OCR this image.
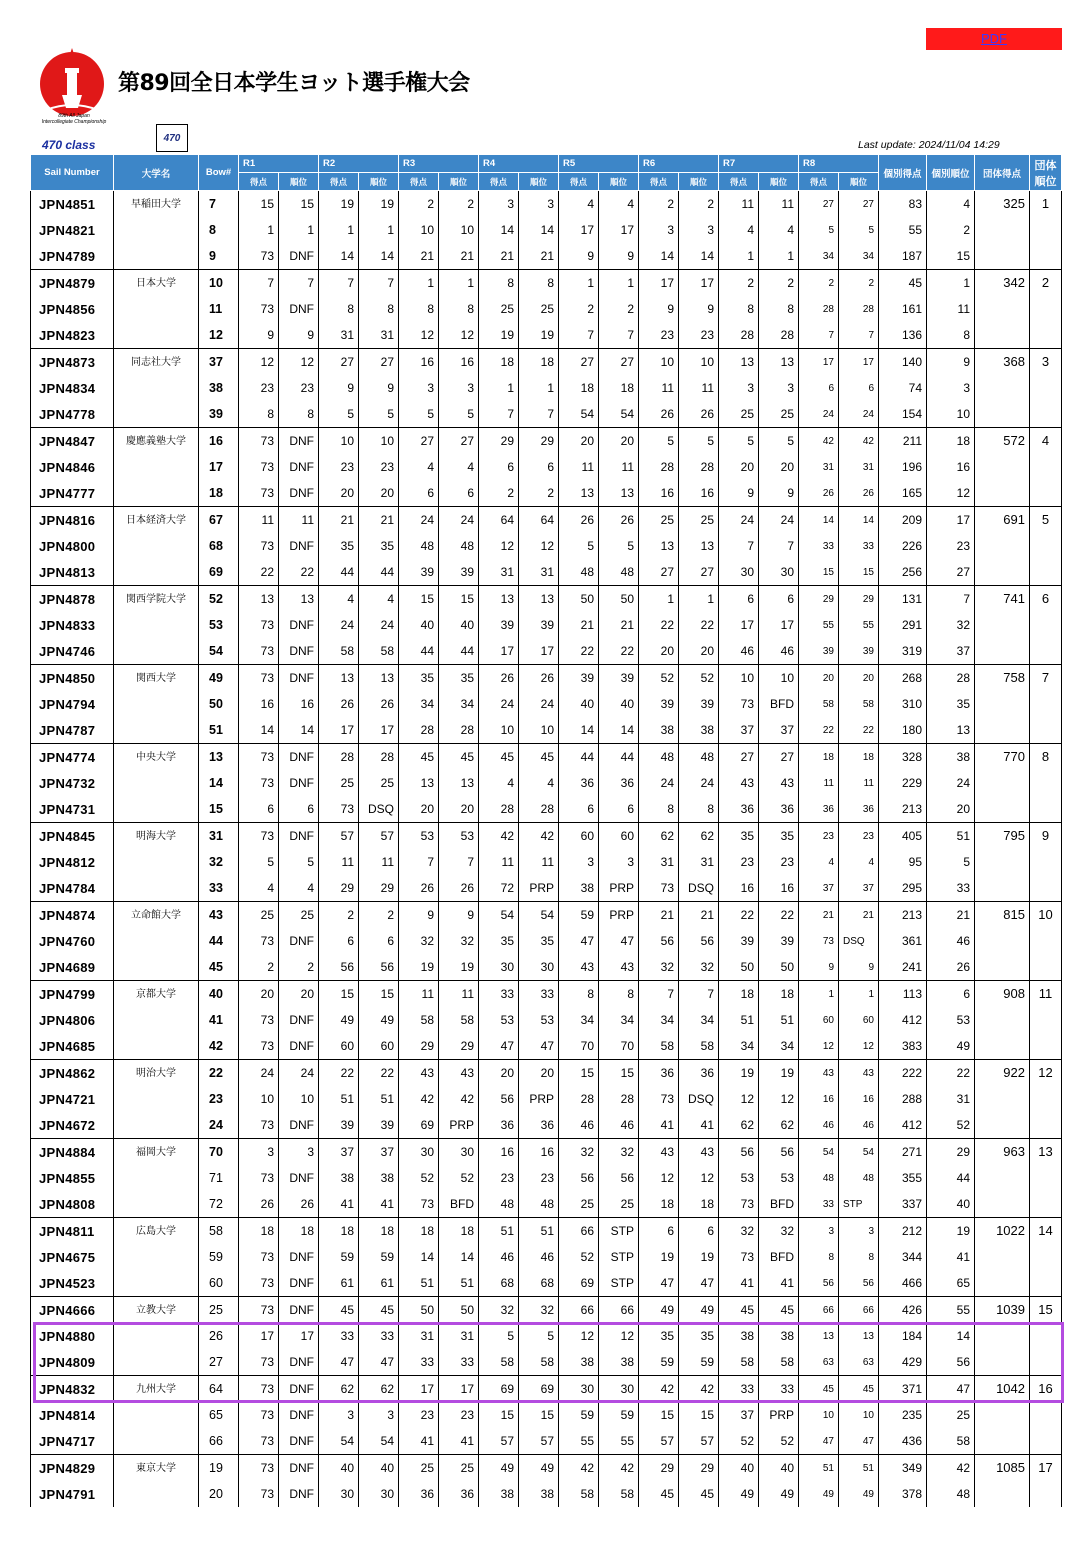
PDF
89th All Japan
Intercollegiate Championship
第89回全日本学生ヨット選手権大会
470
470 class	Last update: 2024/11/04 14:29
Sail Number	大学名	Bow#	R1		R2		R3		R4		R5		R6		R7		R8		個別得点	個別順位	団体得点	団体順位
			得点	順位	得点	順位	得点	順位	得点	順位	得点	順位	得点	順位	得点	順位	得点	順位				
JPN4851	早稲田大学	7	15	15	19	19	2	2	3	3	4	4	2	2	11	11	27	27	83	4	325	1
JPN4821		8	1	1	1	1	10	10	14	14	17	17	3	3	4	4	5	5	55	2		
JPN4789		9	73	DNF	14	14	21	21	21	21	9	9	14	14	1	1	34	34	187	15		
JPN4879	日本大学	10	7	7	7	7	1	1	8	8	1	1	17	17	2	2	2	2	45	1	342	2
JPN4856		11	73	DNF	8	8	8	8	25	25	2	2	9	9	8	8	28	28	161	11		
JPN4823		12	9	9	31	31	12	12	19	19	7	7	23	23	28	28	7	7	136	8		
JPN4873	同志社大学	37	12	12	27	27	16	16	18	18	27	27	10	10	13	13	17	17	140	9	368	3
JPN4834		38	23	23	9	9	3	3	1	1	18	18	11	11	3	3	6	6	74	3		
JPN4778		39	8	8	5	5	5	5	7	7	54	54	26	26	25	25	24	24	154	10		
JPN4847	慶應義塾大学	16	73	DNF	10	10	27	27	29	29	20	20	5	5	5	5	42	42	211	18	572	4
JPN4846		17	73	DNF	23	23	4	4	6	6	11	11	28	28	20	20	31	31	196	16		
JPN4777		18	73	DNF	20	20	6	6	2	2	13	13	16	16	9	9	26	26	165	12		
JPN4816	日本経済大学	67	11	11	21	21	24	24	64	64	26	26	25	25	24	24	14	14	209	17	691	5
JPN4800		68	73	DNF	35	35	48	48	12	12	5	5	13	13	7	7	33	33	226	23		
JPN4813		69	22	22	44	44	39	39	31	31	48	48	27	27	30	30	15	15	256	27		
JPN4878	関西学院大学	52	13	13	4	4	15	15	13	13	50	50	1	1	6	6	29	29	131	7	741	6
JPN4833		53	73	DNF	24	24	40	40	39	39	21	21	22	22	17	17	55	55	291	32		
JPN4746		54	73	DNF	58	58	44	44	17	17	22	22	20	20	46	46	39	39	319	37		
JPN4850	関西大学	49	73	DNF	13	13	35	35	26	26	39	39	52	52	10	10	20	20	268	28	758	7
JPN4794		50	16	16	26	26	34	34	24	24	40	40	39	39	73	BFD	58	58	310	35		
JPN4787		51	14	14	17	17	28	28	10	10	14	14	38	38	37	37	22	22	180	13		
JPN4774	中央大学	13	73	DNF	28	28	45	45	45	45	44	44	48	48	27	27	18	18	328	38	770	8
JPN4732		14	73	DNF	25	25	13	13	4	4	36	36	24	24	43	43	11	11	229	24		
JPN4731		15	6	6	73	DSQ	20	20	28	28	6	6	8	8	36	36	36	36	213	20		
JPN4845	明海大学	31	73	DNF	57	57	53	53	42	42	60	60	62	62	35	35	23	23	405	51	795	9
JPN4812		32	5	5	11	11	7	7	11	11	3	3	31	31	23	23	4	4	95	5		
JPN4784		33	4	4	29	29	26	26	72	PRP	38	PRP	73	DSQ	16	16	37	37	295	33		
JPN4874	立命館大学	43	25	25	2	2	9	9	54	54	59	PRP	21	21	22	22	21	21	213	21	815	10
JPN4760		44	73	DNF	6	6	32	32	35	35	47	47	56	56	39	39	73	DSQ	361	46		
JPN4689		45	2	2	56	56	19	19	30	30	43	43	32	32	50	50	9	9	241	26		
JPN4799	京都大学	40	20	20	15	15	11	11	33	33	8	8	7	7	18	18	1	1	113	6	908	11
JPN4806		41	73	DNF	49	49	58	58	53	53	34	34	34	34	51	51	60	60	412	53		
JPN4685		42	73	DNF	60	60	29	29	47	47	70	70	58	58	34	34	12	12	383	49		
JPN4862	明治大学	22	24	24	22	22	43	43	20	20	15	15	36	36	19	19	43	43	222	22	922	12
JPN4721		23	10	10	51	51	42	42	56	PRP	28	28	73	DSQ	12	12	16	16	288	31		
JPN4672		24	73	DNF	39	39	69	PRP	36	36	46	46	41	41	62	62	46	46	412	52		
JPN4884	福岡大学	70	3	3	37	37	30	30	16	16	32	32	43	43	56	56	54	54	271	29	963	13
JPN4855		71	73	DNF	38	38	52	52	23	23	56	56	12	12	53	53	48	48	355	44		
JPN4808		72	26	26	41	41	73	BFD	48	48	25	25	18	18	73	BFD	33	STP	337	40		
JPN4811	広島大学	58	18	18	18	18	18	18	51	51	66	STP	6	6	32	32	3	3	212	19	1022	14
JPN4675		59	73	DNF	59	59	14	14	46	46	52	STP	19	19	73	BFD	8	8	344	41		
JPN4523		60	73	DNF	61	61	51	51	68	68	69	STP	47	47	41	41	56	56	466	65		
JPN4666	立教大学	25	73	DNF	45	45	50	50	32	32	66	66	49	49	45	45	66	66	426	55	1039	15
JPN4880		26	17	17	33	33	31	31	5	5	12	12	35	35	38	38	13	13	184	14		
JPN4809		27	73	DNF	47	47	33	33	58	58	38	38	59	59	58	58	63	63	429	56		
JPN4832	九州大学	64	73	DNF	62	62	17	17	69	69	30	30	42	42	33	33	45	45	371	47	1042	16
JPN4814		65	73	DNF	3	3	23	23	15	15	59	59	15	15	37	PRP	10	10	235	25		
JPN4717		66	73	DNF	54	54	41	41	57	57	55	55	57	57	52	52	47	47	436	58		
JPN4829	東京大学	19	73	DNF	40	40	25	25	49	49	42	42	29	29	40	40	51	51	349	42	1085	17
JPN4791		20	73	DNF	30	30	36	36	38	38	58	58	45	45	49	49	49	49	378	48		
